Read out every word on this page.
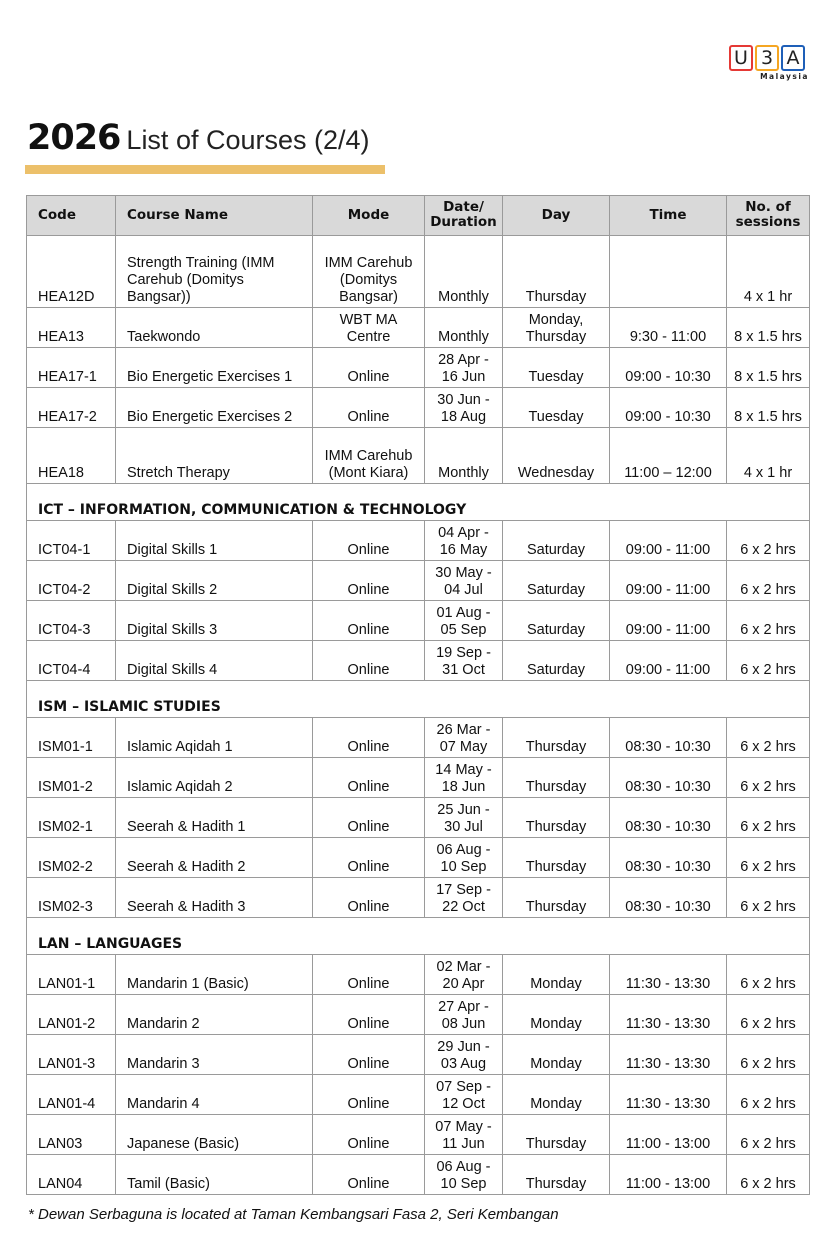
U 3 A
Malaysia
2026 List of Courses (2/4)
Code	Course Name	Mode	Date/ Duration	Day	Time	No. of sessions
HEA12D	Strength Training (IMM Carehub (Domitys Bangsar))	IMM Carehub (Domitys Bangsar)	Monthly	Thursday		4 x 1 hr
HEA13	Taekwondo	WBT MA Centre	Monthly	Monday, Thursday	9:30 - 11:00	8 x 1.5 hrs
HEA17-1	Bio Energetic Exercises 1	Online	28 Apr - 16 Jun	Tuesday	09:00 - 10:30	8 x 1.5 hrs
HEA17-2	Bio Energetic Exercises 2	Online	30 Jun - 18 Aug	Tuesday	09:00 - 10:30	8 x 1.5 hrs
HEA18	Stretch Therapy	IMM Carehub (Mont Kiara)	Monthly	Wednesday	11:00 – 12:00	4 x 1 hr
ICT – INFORMATION, COMMUNICATION & TECHNOLOGY						
ICT04-1	Digital Skills 1	Online	04 Apr - 16 May	Saturday	09:00 - 11:00	6 x 2 hrs
ICT04-2	Digital Skills 2	Online	30 May - 04 Jul	Saturday	09:00 - 11:00	6 x 2 hrs
ICT04-3	Digital Skills 3	Online	01 Aug - 05 Sep	Saturday	09:00 - 11:00	6 x 2 hrs
ICT04-4	Digital Skills 4	Online	19 Sep - 31 Oct	Saturday	09:00 - 11:00	6 x 2 hrs
ISM – ISLAMIC STUDIES						
ISM01-1	Islamic Aqidah 1	Online	26 Mar - 07 May	Thursday	08:30 - 10:30	6 x 2 hrs
ISM01-2	Islamic Aqidah 2	Online	14 May - 18 Jun	Thursday	08:30 - 10:30	6 x 2 hrs
ISM02-1	Seerah & Hadith 1	Online	25 Jun - 30 Jul	Thursday	08:30 - 10:30	6 x 2 hrs
ISM02-2	Seerah & Hadith 2	Online	06 Aug - 10 Sep	Thursday	08:30 - 10:30	6 x 2 hrs
ISM02-3	Seerah & Hadith 3	Online	17 Sep - 22 Oct	Thursday	08:30 - 10:30	6 x 2 hrs
LAN – LANGUAGES						
LAN01-1	Mandarin 1 (Basic)	Online	02 Mar - 20 Apr	Monday	11:30 - 13:30	6 x 2 hrs
LAN01-2	Mandarin 2	Online	27 Apr - 08 Jun	Monday	11:30 - 13:30	6 x 2 hrs
LAN01-3	Mandarin 3	Online	29 Jun - 03 Aug	Monday	11:30 - 13:30	6 x 2 hrs
LAN01-4	Mandarin 4	Online	07 Sep - 12 Oct	Monday	11:30 - 13:30	6 x 2 hrs
LAN03	Japanese (Basic)	Online	07 May - 11 Jun	Thursday	11:00 - 13:00	6 x 2 hrs
LAN04	Tamil (Basic)	Online	06 Aug - 10 Sep	Thursday	11:00 - 13:00	6 x 2 hrs
* Dewan Serbaguna is located at Taman Kembangsari Fasa 2, Seri Kembangan
